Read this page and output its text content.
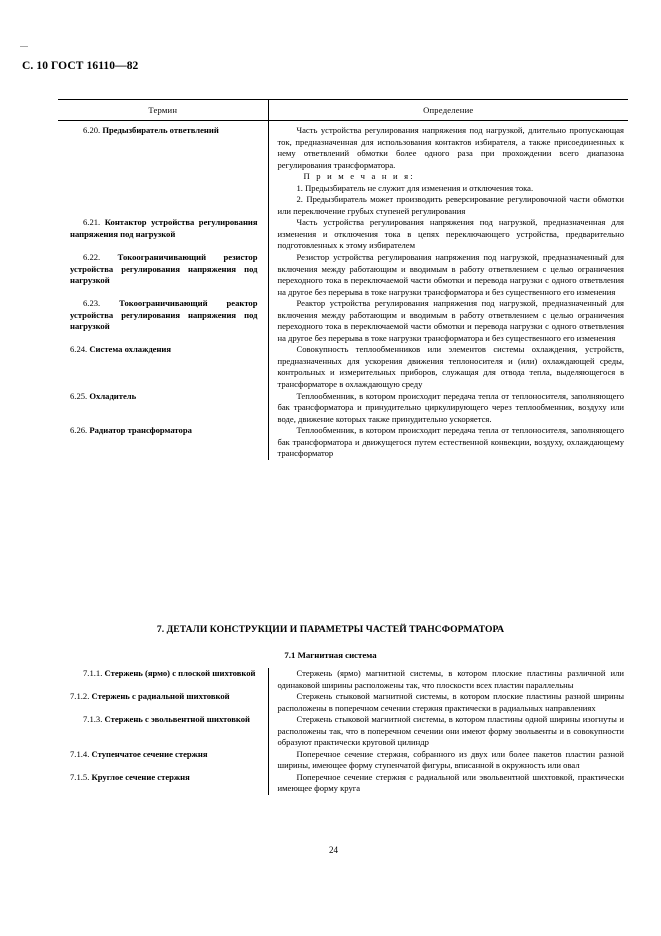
С. 10 ГОСТ 16110—82
Термин	Определение

6.20. Предызбиратель ответвлений	Часть устройства регулирования напряжения под нагрузкой, длительно пропускающая ток, предназначенная для использования контактов избирателя, а также присоединенных к нему ответвлений обмотки более одного раза при прохождении всего диапазона регулирования трансформатора.

П р и м е ч а н и я:

1. Предызбиратель не служит для изменения и отключения тока.

2. Предызбиратель может производить реверсирование регулировочной части обмотки или переключение грубых ступеней регулирования

6.21. Контактор устройства регулирования напряжения под нагрузкой	Часть устройства регулирования напряжения под нагрузкой, предназначенная для изменения и отключения тока в цепях переключающего устройства, предварительно подготовленных к этому избирателем

6.22. Токоограничивающий резистор устройства регулирования напряжения под нагрузкой	Резистор устройства регулирования напряжения под нагрузкой, предназначенный для включения между работающим и вводимым в работу ответвлением с целью ограничения переходного тока в переключаемой части обмотки и перевода нагрузки с одного ответвления на другое без перерыва в токе нагрузки трансформатора и без существенного его изменения

6.23. Токоограничивающий реактор устройства регулирования напряжения под нагрузкой	Реактор устройства регулирования напряжения под нагрузкой, предназначенный для включения между работающим и вводимым в работу ответвлением с целью ограничения переходного тока в переключаемой части обмотки и перевода нагрузки с одного ответвления на другое без перерыва в токе нагрузки трансформатора и без существенного его изменения

6.24. Система охлаждения	Совокупность теплообменников или элементов системы охлаждения, устройств, предназначенных для ускорения движения теплоносителя и (или) охлаждающей среды, контрольных и измерительных приборов, служащая для отвода тепла, выделяющегося в трансформаторе в охлаждающую среду

6.25. Охладитель	Теплообменник, в котором происходит передача тепла от теплоносителя, заполняющего бак трансформатора и принудительно циркулирующего через теплообменник, воздуху или воде, движение которых также принудительно ускоряется.

6.26. Радиатор трансформатора	Теплообменник, в котором происходит передача тепла от теплоносителя, заполняющего бак трансформатора и движущегося путем естественной конвекции, воздуху, охлаждающему трансформатор

7. ДЕТАЛИ КОНСТРУКЦИИ И ПАРАМЕТРЫ ЧАСТЕЙ ТРАНСФОРМАТОРА
7.1 Магнитная система
7.1.1. Стержень (ярмо) с плоской шихтовкой	Стержень (ярмо) магнитной системы, в котором плоские пластины различной или одинаковой ширины расположены так, что плоскости всех пластин параллельны

7.1.2. Стержень с радиальной шихтовкой	Стержень стыковой магнитной системы, в котором плоские пластины разной ширины расположены в поперечном сечении стержня практически в радиальных направлениях

7.1.3. Стержень с эвольвентной шихтовкой	Стержень стыковой магнитной системы, в котором пластины одной ширины изогнуты и расположены так, что в поперечном сечении они имеют форму эвольвенты и в совокупности образуют практически круговой цилиндр

7.1.4. Ступенчатое сечение стержня	Поперечное сечение стержня, собранного из двух или более пакетов пластин разной ширины, имеющее форму ступенчатой фигуры, вписанной в окружность или овал

7.1.5. Круглое сечение стержня	Поперечное сечение стержня с радиальной или эвольвентной шихтовкой, практически имеющее форму круга

24
